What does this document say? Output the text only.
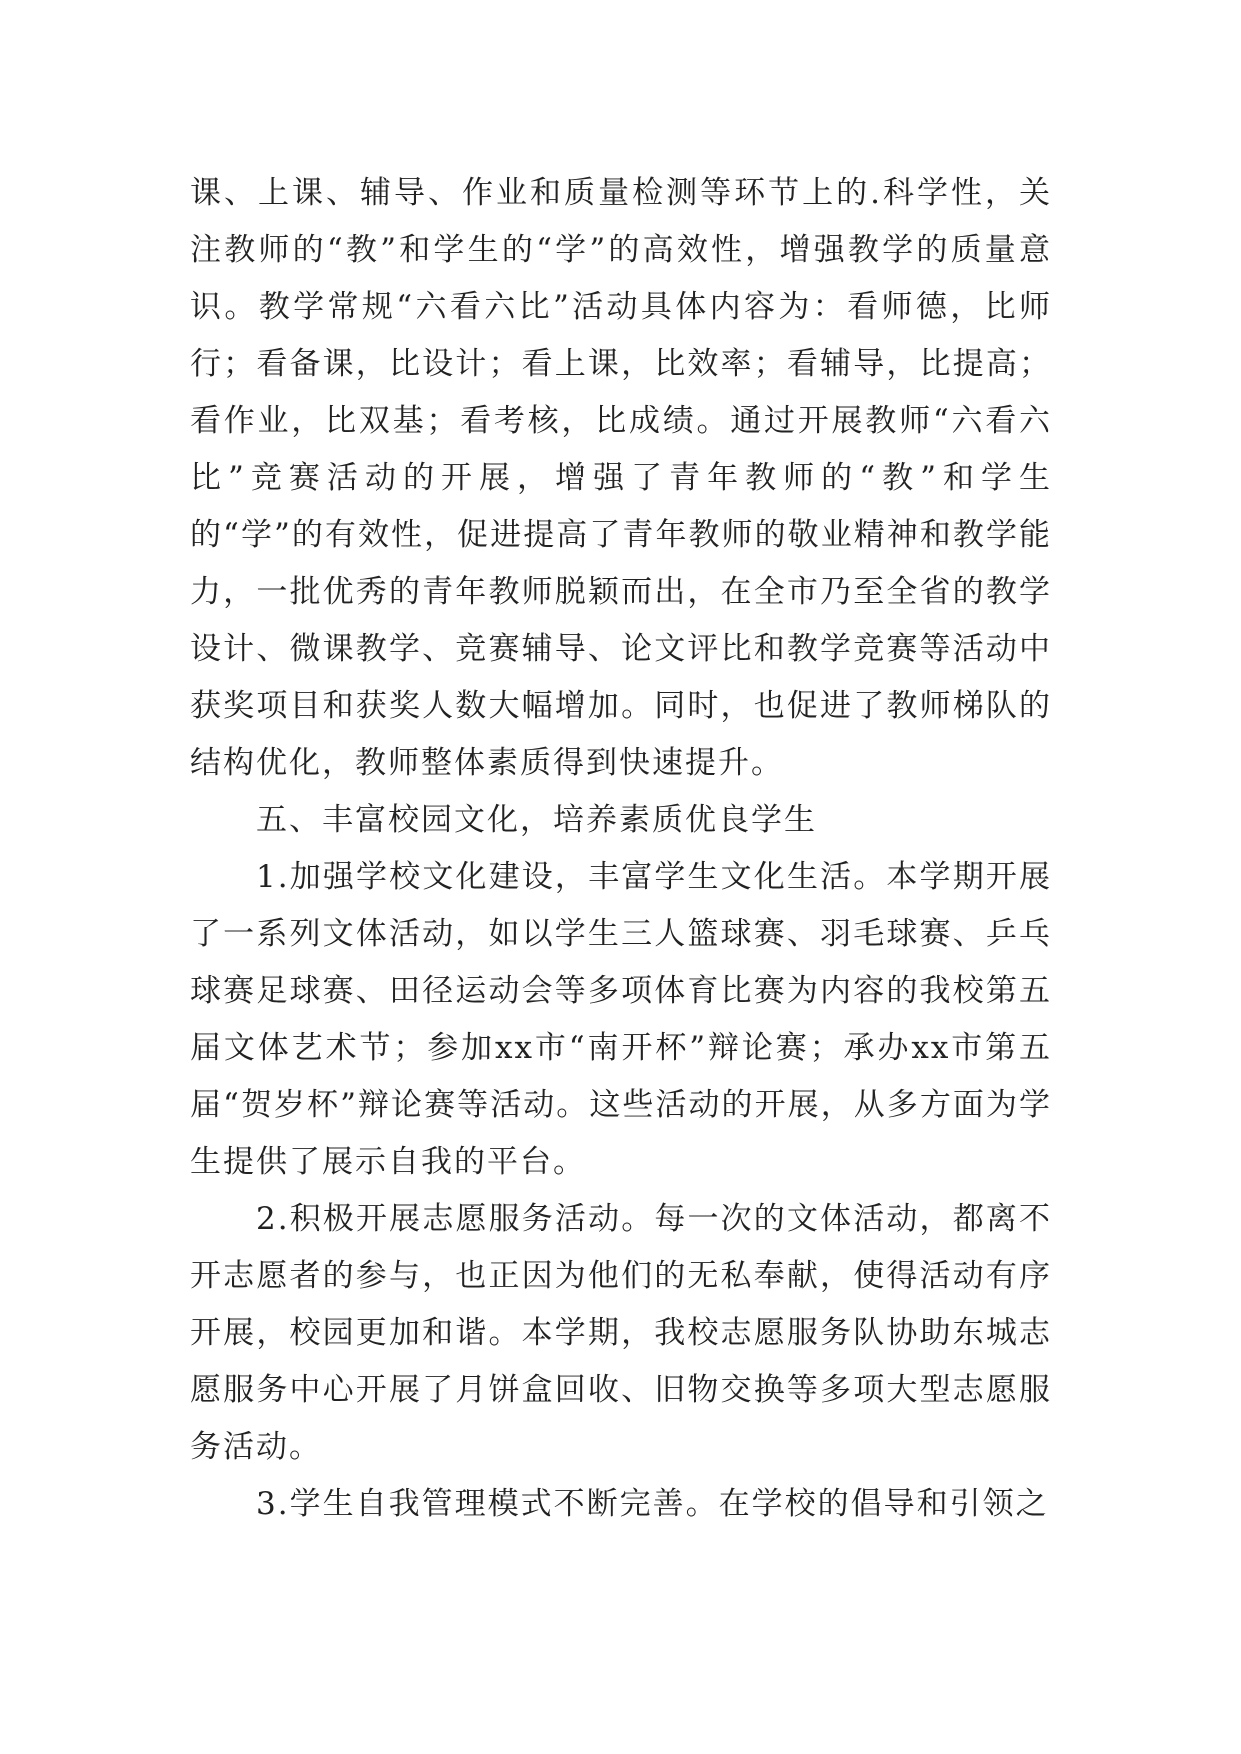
课、上课、辅导、作业和质量检测等环节上的.科学性，关注教师的“教”和学生的“学”的高效性，增强教学的质量意识。教学常规“六看六比”活动具体内容为：看师德，比师行；看备课，比设计；看上课，比效率；看辅导，比提高；看作业，比双基；看考核，比成绩。通过开展教师“六看六比”竞赛活动的开展，增强了青年教师的“教”和学生的“学”的有效性，促进提高了青年教师的敬业精神和教学能力，一批优秀的青年教师脱颖而出，在全市乃至全省的教学设计、微课教学、竞赛辅导、论文评比和教学竞赛等活动中获奖项目和获奖人数大幅增加。同时，也促进了教师梯队的结构优化，教师整体素质得到快速提升。

五、丰富校园文化，培养素质优良学生

1.加强学校文化建设，丰富学生文化生活。本学期开展了一系列文体活动，如以学生三人篮球赛、羽毛球赛、乒乓球赛足球赛、田径运动会等多项体育比赛为内容的我校第五届文体艺术节；参加xx市“南开杯”辩论赛；承办xx市第五届“贺岁杯”辩论赛等活动。这些活动的开展，从多方面为学生提供了展示自我的平台。

2.积极开展志愿服务活动。每一次的文体活动，都离不开志愿者的参与，也正因为他们的无私奉献，使得活动有序开展，校园更加和谐。本学期，我校志愿服务队协助东城志愿服务中心开展了月饼盒回收、旧物交换等多项大型志愿服务活动。

3.学生自我管理模式不断完善。在学校的倡导和引领之
